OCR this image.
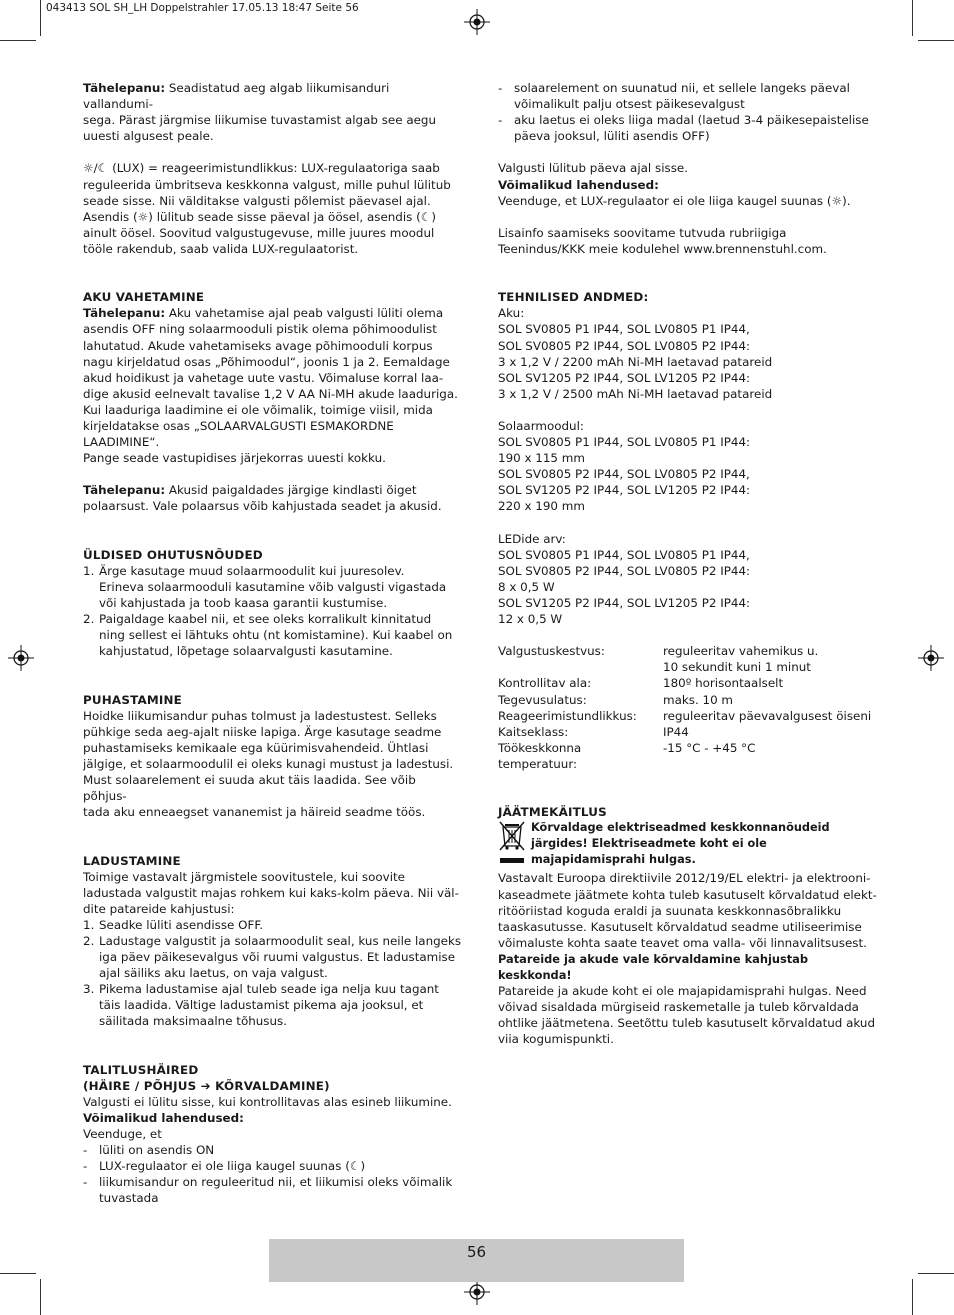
043413 SOL SH_LH Doppelstrahler 17.05.13 18:47 Seite 56

Tähelepanu: Seadistatud aeg algab liikumisanduri vallandumi-
sega. Pärast järgmise liikumise tuvastamist algab see aegu
uuesti algusest peale.

☼/☾ (LUX) = reageerimistundlikkus: LUX-regulaatoriga saab
reguleerida ümbritseva keskkonna valgust, mille puhul lülitub
seade sisse. Nii välditakse valgusti põlemist päevasel ajal.
Asendis (☼) lülitub seade sisse päeval ja öösel, asendis (☾)
ainult öösel. Soovitud valgustugevuse, mille juures moodul
tööle rakendub, saab valida LUX-regulaatorist.

AKU VAHETAMINE

Tähelepanu: Aku vahetamise ajal peab valgusti lüliti olema
asendis OFF ning solaarmooduli pistik olema põhimoodulist
lahutatud. Akude vahetamiseks avage põhimooduli korpus
nagu kirjeldatud osas „Põhimoodul“, joonis 1 ja 2. Eemaldage
akud hoidikust ja vahetage uute vastu. Võimaluse korral laa-
dige akusid eelnevalt tavalise 1,2 V AA Ni-MH akude laaduriga.
Kui laaduriga laadimine ei ole võimalik, toimige viisil, mida
kirjeldatakse osas „SOLAARVALGUSTI ESMAKORDNE
LAADIMINE“.
Pange seade vastupidises järjekorras uuesti kokku.

Tähelepanu: Akusid paigaldades järgige kindlasti õiget
polaarsust. Vale polaarsus võib kahjustada seadet ja akusid.

ÜLDISED OHUTUSNÕUDED

1. Ärge kasutage muud solaarmoodulit kui juuresolev.
Erineva solaarmooduli kasutamine võib valgusti vigastada
või kahjustada ja toob kaasa garantii kustumise.
2. Paigaldage kaabel nii, et see oleks korralikult kinnitatud
ning sellest ei lähtuks ohtu (nt komistamine). Kui kaabel on
kahjustatud, lõpetage solaarvalgusti kasutamine.

PUHASTAMINE

Hoidke liikumisandur puhas tolmust ja ladestustest. Selleks
pühkige seda aeg-ajalt niiske lapiga. Ärge kasutage seadme
puhastamiseks kemikaale ega küürimisvahendeid. Ühtlasi
jälgige, et solaarmoodulil ei oleks kunagi mustust ja ladestusi.
Must solaarelement ei suuda akut täis laadida. See võib põhjus-
tada aku enneaegset vananemist ja häireid seadme töös.

LADUSTAMINE

Toimige vastavalt järgmistele soovitustele, kui soovite
ladustada valgustit majas rohkem kui kaks-kolm päeva. Nii väl-
dite patareide kahjustusi:

1. Seadke lüliti asendisse OFF.
2. Ladustage valgustit ja solaarmoodulit seal, kus neile langeks
iga päev päikesevalgus või ruumi valgustus. Et ladustamise
ajal säiliks aku laetus, on vaja valgust.
3. Pikema ladustamise ajal tuleb seade iga nelja kuu tagant
täis laadida. Vältige ladustamist pikema aja jooksul, et
säilitada maksimaalne tõhusus.

TALITLUSHÄIRED

(HÄIRE / PÕHJUS ➔ KÕRVALDAMINE)

Valgusti ei lülitu sisse, kui kontrollitavas alas esineb liikumine.

Võimalikud lahendused:

Veenduge, et

- lüliti on asendis ON
- LUX-regulaator ei ole liiga kaugel suunas (☾)
- liikumisandur on reguleeritud nii, et liikumisi oleks võimalik
tuvastada
- solaarelement on suunatud nii, et sellele langeks päeval
võimalikult palju otsest päikesevalgust
- aku laetus ei oleks liiga madal (laetud 3-4 päikesepaistelise
päeva jooksul, lüliti asendis OFF)

Valgusti lülitub päeva ajal sisse.

Võimalikud lahendused:

Veenduge, et LUX-regulaator ei ole liiga kaugel suunas (☼).

Lisainfo saamiseks soovitame tutvuda rubriigiga
Teenindus/KKK meie kodulehel www.brennenstuhl.com.

TEHNILISED ANDMED:

Aku:
SOL SV0805 P1 IP44, SOL LV0805 P1 IP44,
SOL SV0805 P2 IP44, SOL LV0805 P2 IP44:
3 x 1,2 V / 2200 mAh Ni-MH laetavad patareid
SOL SV1205 P2 IP44, SOL LV1205 P2 IP44:
3 x 1,2 V / 2500 mAh Ni-MH laetavad patareid

Solaarmoodul:
SOL SV0805 P1 IP44, SOL LV0805 P1 IP44:
190 x 115 mm
SOL SV0805 P2 IP44, SOL LV0805 P2 IP44,
SOL SV1205 P2 IP44, SOL LV1205 P2 IP44:
220 x 190 mm

LEDide arv:
SOL SV0805 P1 IP44, SOL LV0805 P1 IP44,
SOL SV0805 P2 IP44, SOL LV0805 P2 IP44:
8 x 0,5 W
SOL SV1205 P2 IP44, SOL LV1205 P2 IP44:
12 x 0,5 W

Valgustuskestvus:	reguleeritav vahemikus u.
10 sekundit kuni 1 minut
Kontrollitav ala:	180º horisontaalselt
Tegevusulatus:	maks. 10 m
Reageerimistundlikkus:	reguleeritav päevavalgusest öiseni
Kaitseklass:	IP44
Töökeskkonna temperatuur:
-15 °C - +45 °C

JÄÄTMEKÄITLUS

Kõrvaldage elektriseadmed keskkonnanõudeid
järgides! Elektriseadmete koht ei ole
majapidamisprahi hulgas.

Vastavalt Euroopa direktiivile 2012/19/EL elektri- ja elektrooni-
kaseadmete jäätmete kohta tuleb kasutuselt kõrvaldatud elekt-
ritööriistad koguda eraldi ja suunata keskkonnasõbralikku
taaskasutusse. Kasutuselt kõrvaldatud seadme utiliseerimise
võimaluste kohta saate teavet oma valla- või linnavalitsusest.

Patareide ja akude vale kõrvaldamine kahjustab keskkonda!

Patareide ja akude koht ei ole majapidamisprahi hulgas. Need
võivad sisaldada mürgiseid raskemetalle ja tuleb kõrvaldada
ohtlike jäätmetena. Seetõttu tuleb kasutuselt kõrvaldatud akud
viia kogumispunkti.

56
